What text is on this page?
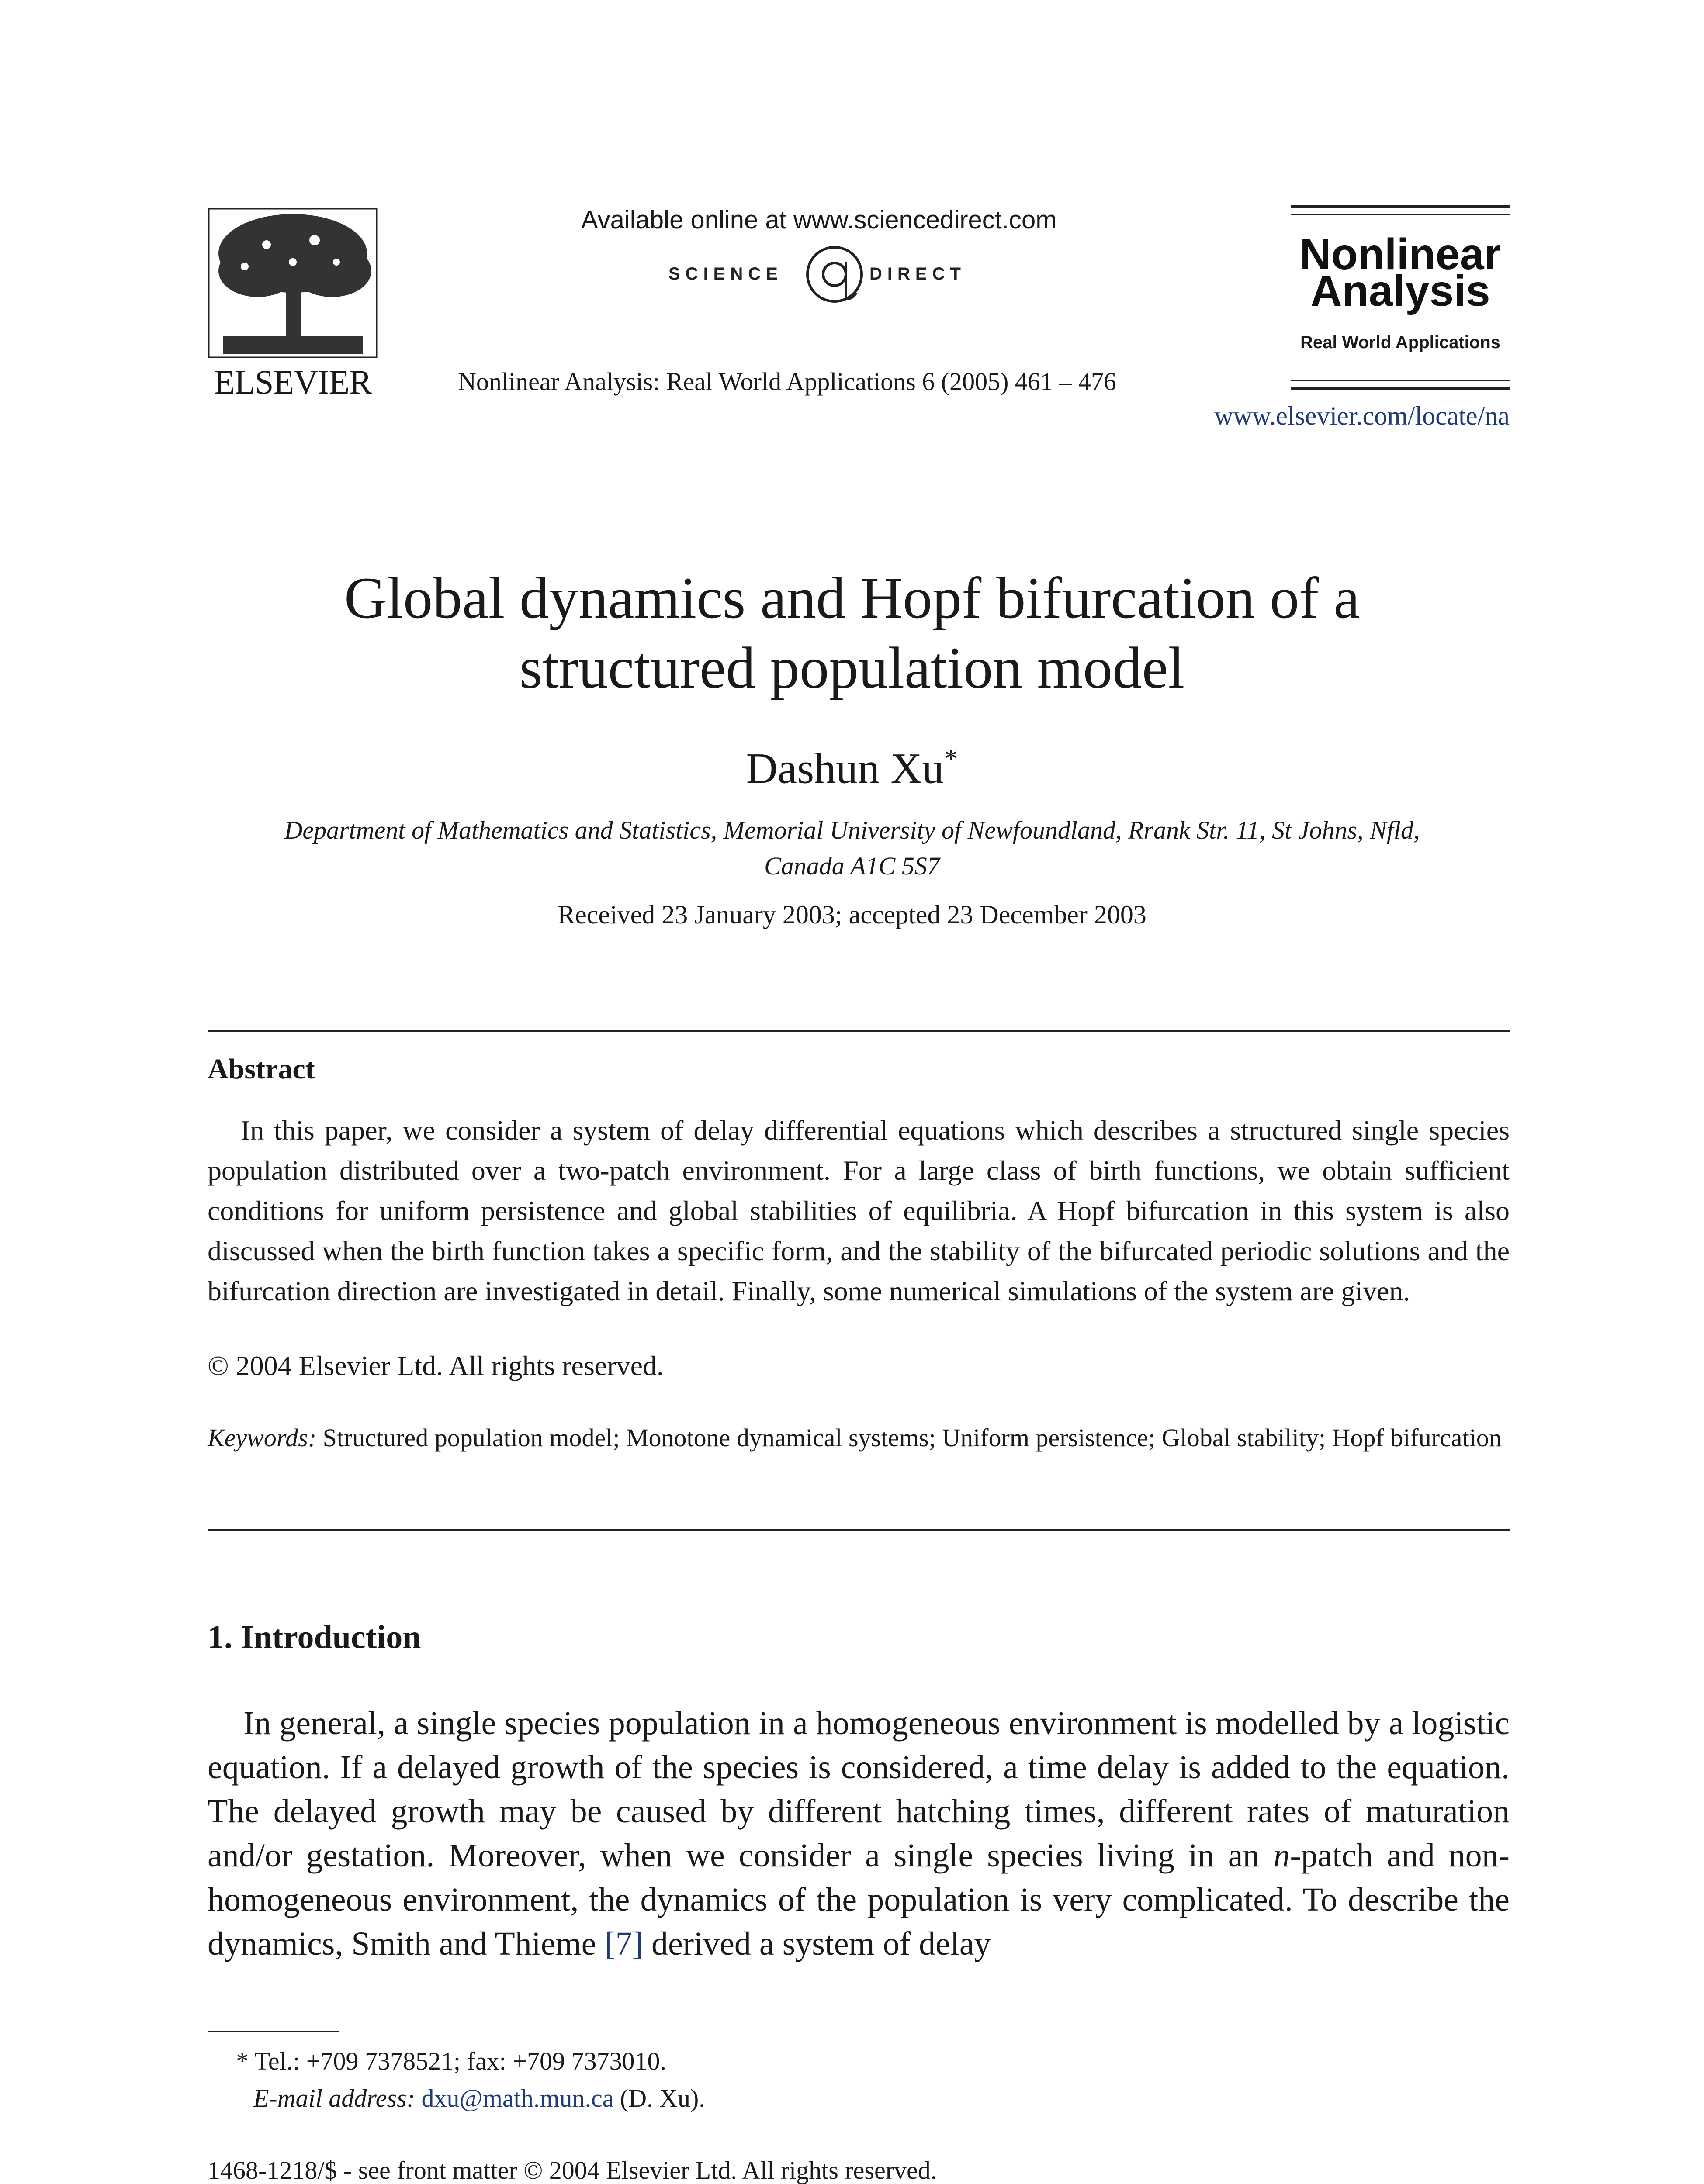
ELSEVIER
Available online at www.sciencedirect.com
SCIENCE	DIRECT
Nonlinear Analysis: Real World Applications 6 (2005) 461 – 476
Nonlinear
Analysis
Real World Applications
www.elsevier.com/locate/na
Global dynamics and Hopf bifurcation of a
structured population model
Dashun Xu*
Department of Mathematics and Statistics, Memorial University of Newfoundland, Rrank Str. 11, St Johns, Nfld,
Canada A1C 5S7
Received 23 January 2003; accepted 23 December 2003
Abstract
In this paper, we consider a system of delay differential equations which describes a structured single species population distributed over a two-patch environment. For a large class of birth functions, we obtain sufficient conditions for uniform persistence and global stabilities of equilibria. A Hopf bifurcation in this system is also discussed when the birth function takes a specific form, and the stability of the bifurcated periodic solutions and the bifurcation direction are investigated in detail. Finally, some numerical simulations of the system are given.
© 2004 Elsevier Ltd. All rights reserved.
Keywords: Structured population model; Monotone dynamical systems; Uniform persistence; Global stability; Hopf bifurcation
1. Introduction
In general, a single species population in a homogeneous environment is modelled by a logistic equation. If a delayed growth of the species is considered, a time delay is added to the equation. The delayed growth may be caused by different hatching times, different rates of maturation and/or gestation. Moreover, when we consider a single species living in an n-patch and non-homogeneous environment, the dynamics of the population is very complicated. To describe the dynamics, Smith and Thieme [7] derived a system of delay
* Tel.: +709 7378521; fax: +709 7373010.
E-mail address: dxu@math.mun.ca (D. Xu).
1468-1218/$ - see front matter © 2004 Elsevier Ltd. All rights reserved.
